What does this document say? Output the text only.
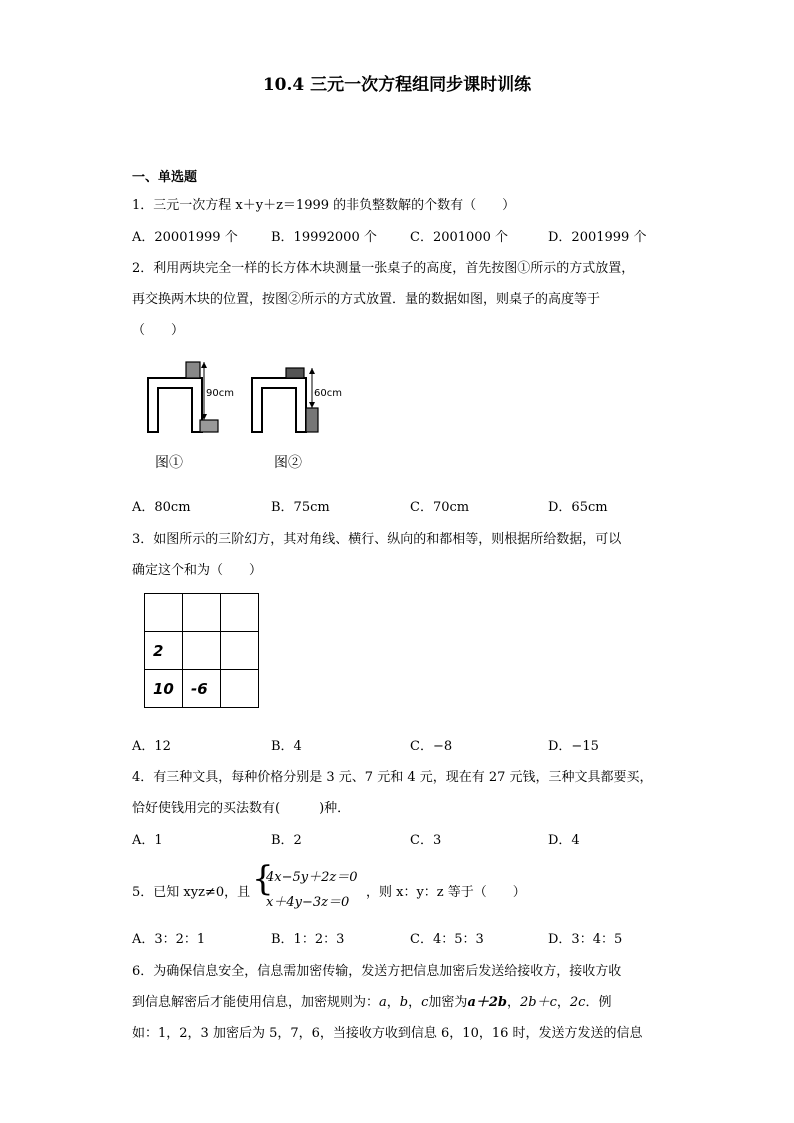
10.4 三元一次方程组同步课时训练
一、单选题
1．三元一次方程 x＋y＋z＝1999 的非负整数解的个数有（　　）
A．20001999 个	B．19992000 个	C．2001000 个	D．2001999 个
2．利用两块完全一样的长方体木块测量一张桌子的高度，首先按图①所示的方式放置，
再交换两木块的位置，按图②所示的方式放置．量的数据如图，则桌子的高度等于
（　　）
90cm
图①
60cm
图②
A．80cm	B．75cm	C．70cm	D．65cm
3．如图所示的三阶幻方，其对角线、横行、纵向的和都相等，则根据所给数据，可以
确定这个和为（　　）

2		
10	-6	
A．12	B．4	C．−8	D．−15
4．有三种文具，每种价格分别是 3 元、7 元和 4 元，现在有 27 元钱，三种文具都要买，
恰好使钱用完的买法数有(　　　)种．
A．1	B．2	C．3	D．4
5．已知 xyz≠0，且 {
4x−5y＋2z＝0
x＋4y−3z＝0
，则 x：y：z 等于（　　）
A．3：2：1	B．1：2：3	C．4：5：3	D．3：4：5
6．为确保信息安全，信息需加密传输，发送方把信息加密后发送给接收方，接收方收
到信息解密后才能使用信息，加密规则为：a，b，c加密为a＋2b，2b＋c，2c．例
如：1，2，3 加密后为 5，7，6，当接收方收到信息 6，10，16 时，发送方发送的信息
